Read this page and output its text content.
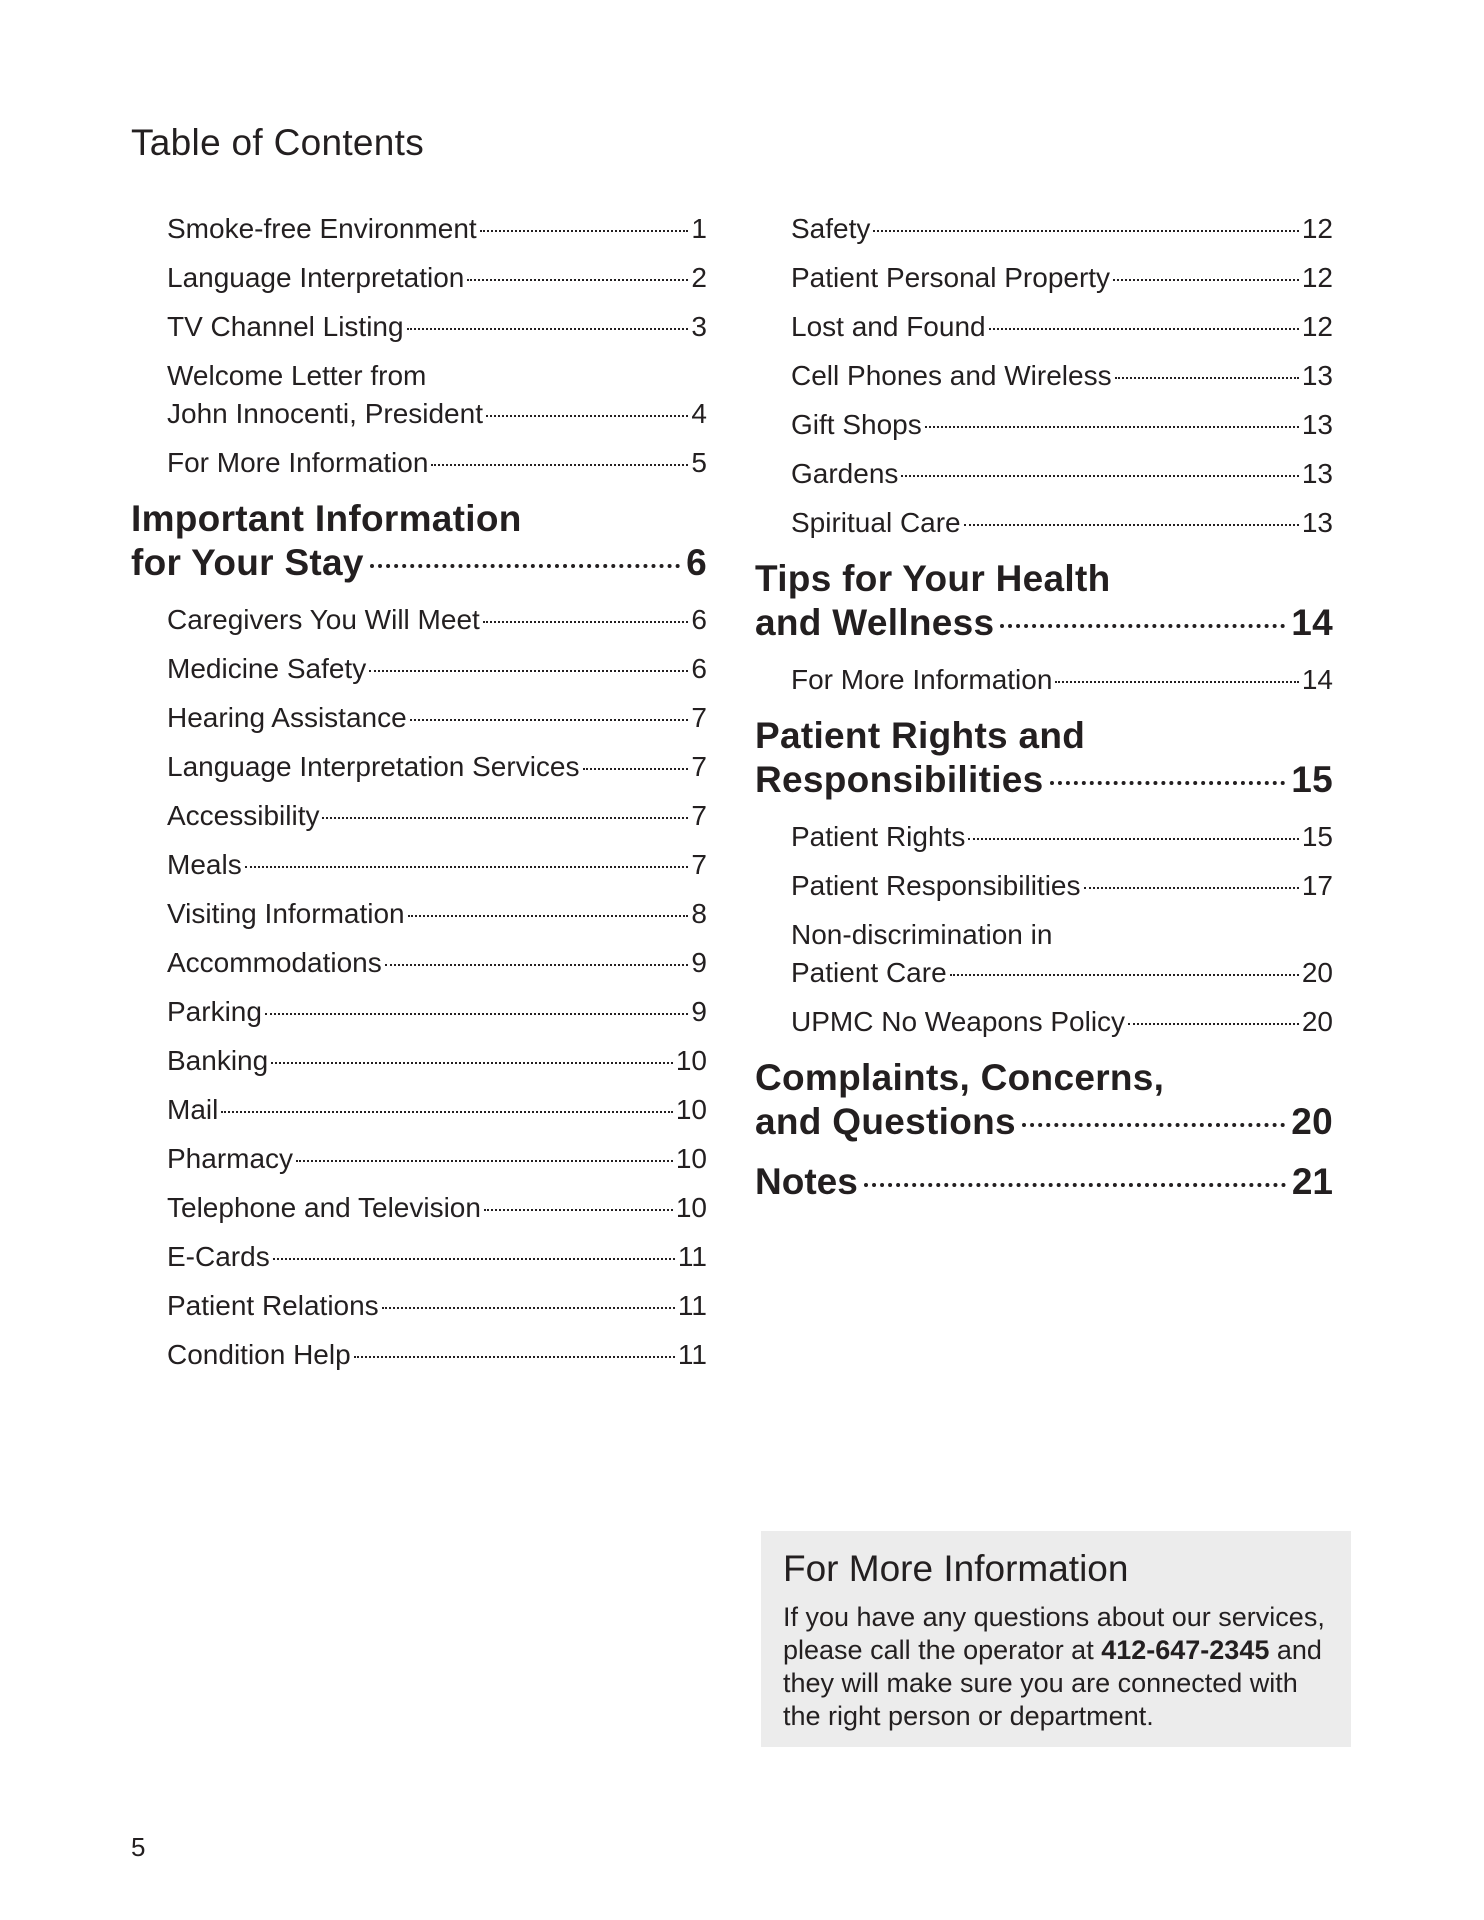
Table of Contents
Smoke-free Environment	1
Language Interpretation	2
TV Channel Listing	3
Welcome Letter from
John Innocenti, President	4
For More Information	5
Important Information
for Your Stay	6
Caregivers You Will Meet	6
Medicine Safety	6
Hearing Assistance	7
Language Interpretation Services	7
Accessibility	7
Meals	7
Visiting Information	8
Accommodations	9
Parking	9
Banking	10
Mail	10
Pharmacy	10
Telephone and Television	10
E-Cards	11
Patient Relations	11
Condition Help	11
Safety	12
Patient Personal Property	12
Lost and Found	12
Cell Phones and Wireless	13
Gift Shops	13
Gardens	13
Spiritual Care	13
Tips for Your Health
and Wellness	14
For More Information	14
Patient Rights and
Responsibilities	15
Patient Rights	15
Patient Responsibilities	17
Non-discrimination in
Patient Care	20
UPMC No Weapons Policy	20
Complaints, Concerns,
and Questions	20
Notes	21
For More Information
If you have any questions about our services, please call the operator at 412-647-2345 and they will make sure you are connected with the right person or department.
5
